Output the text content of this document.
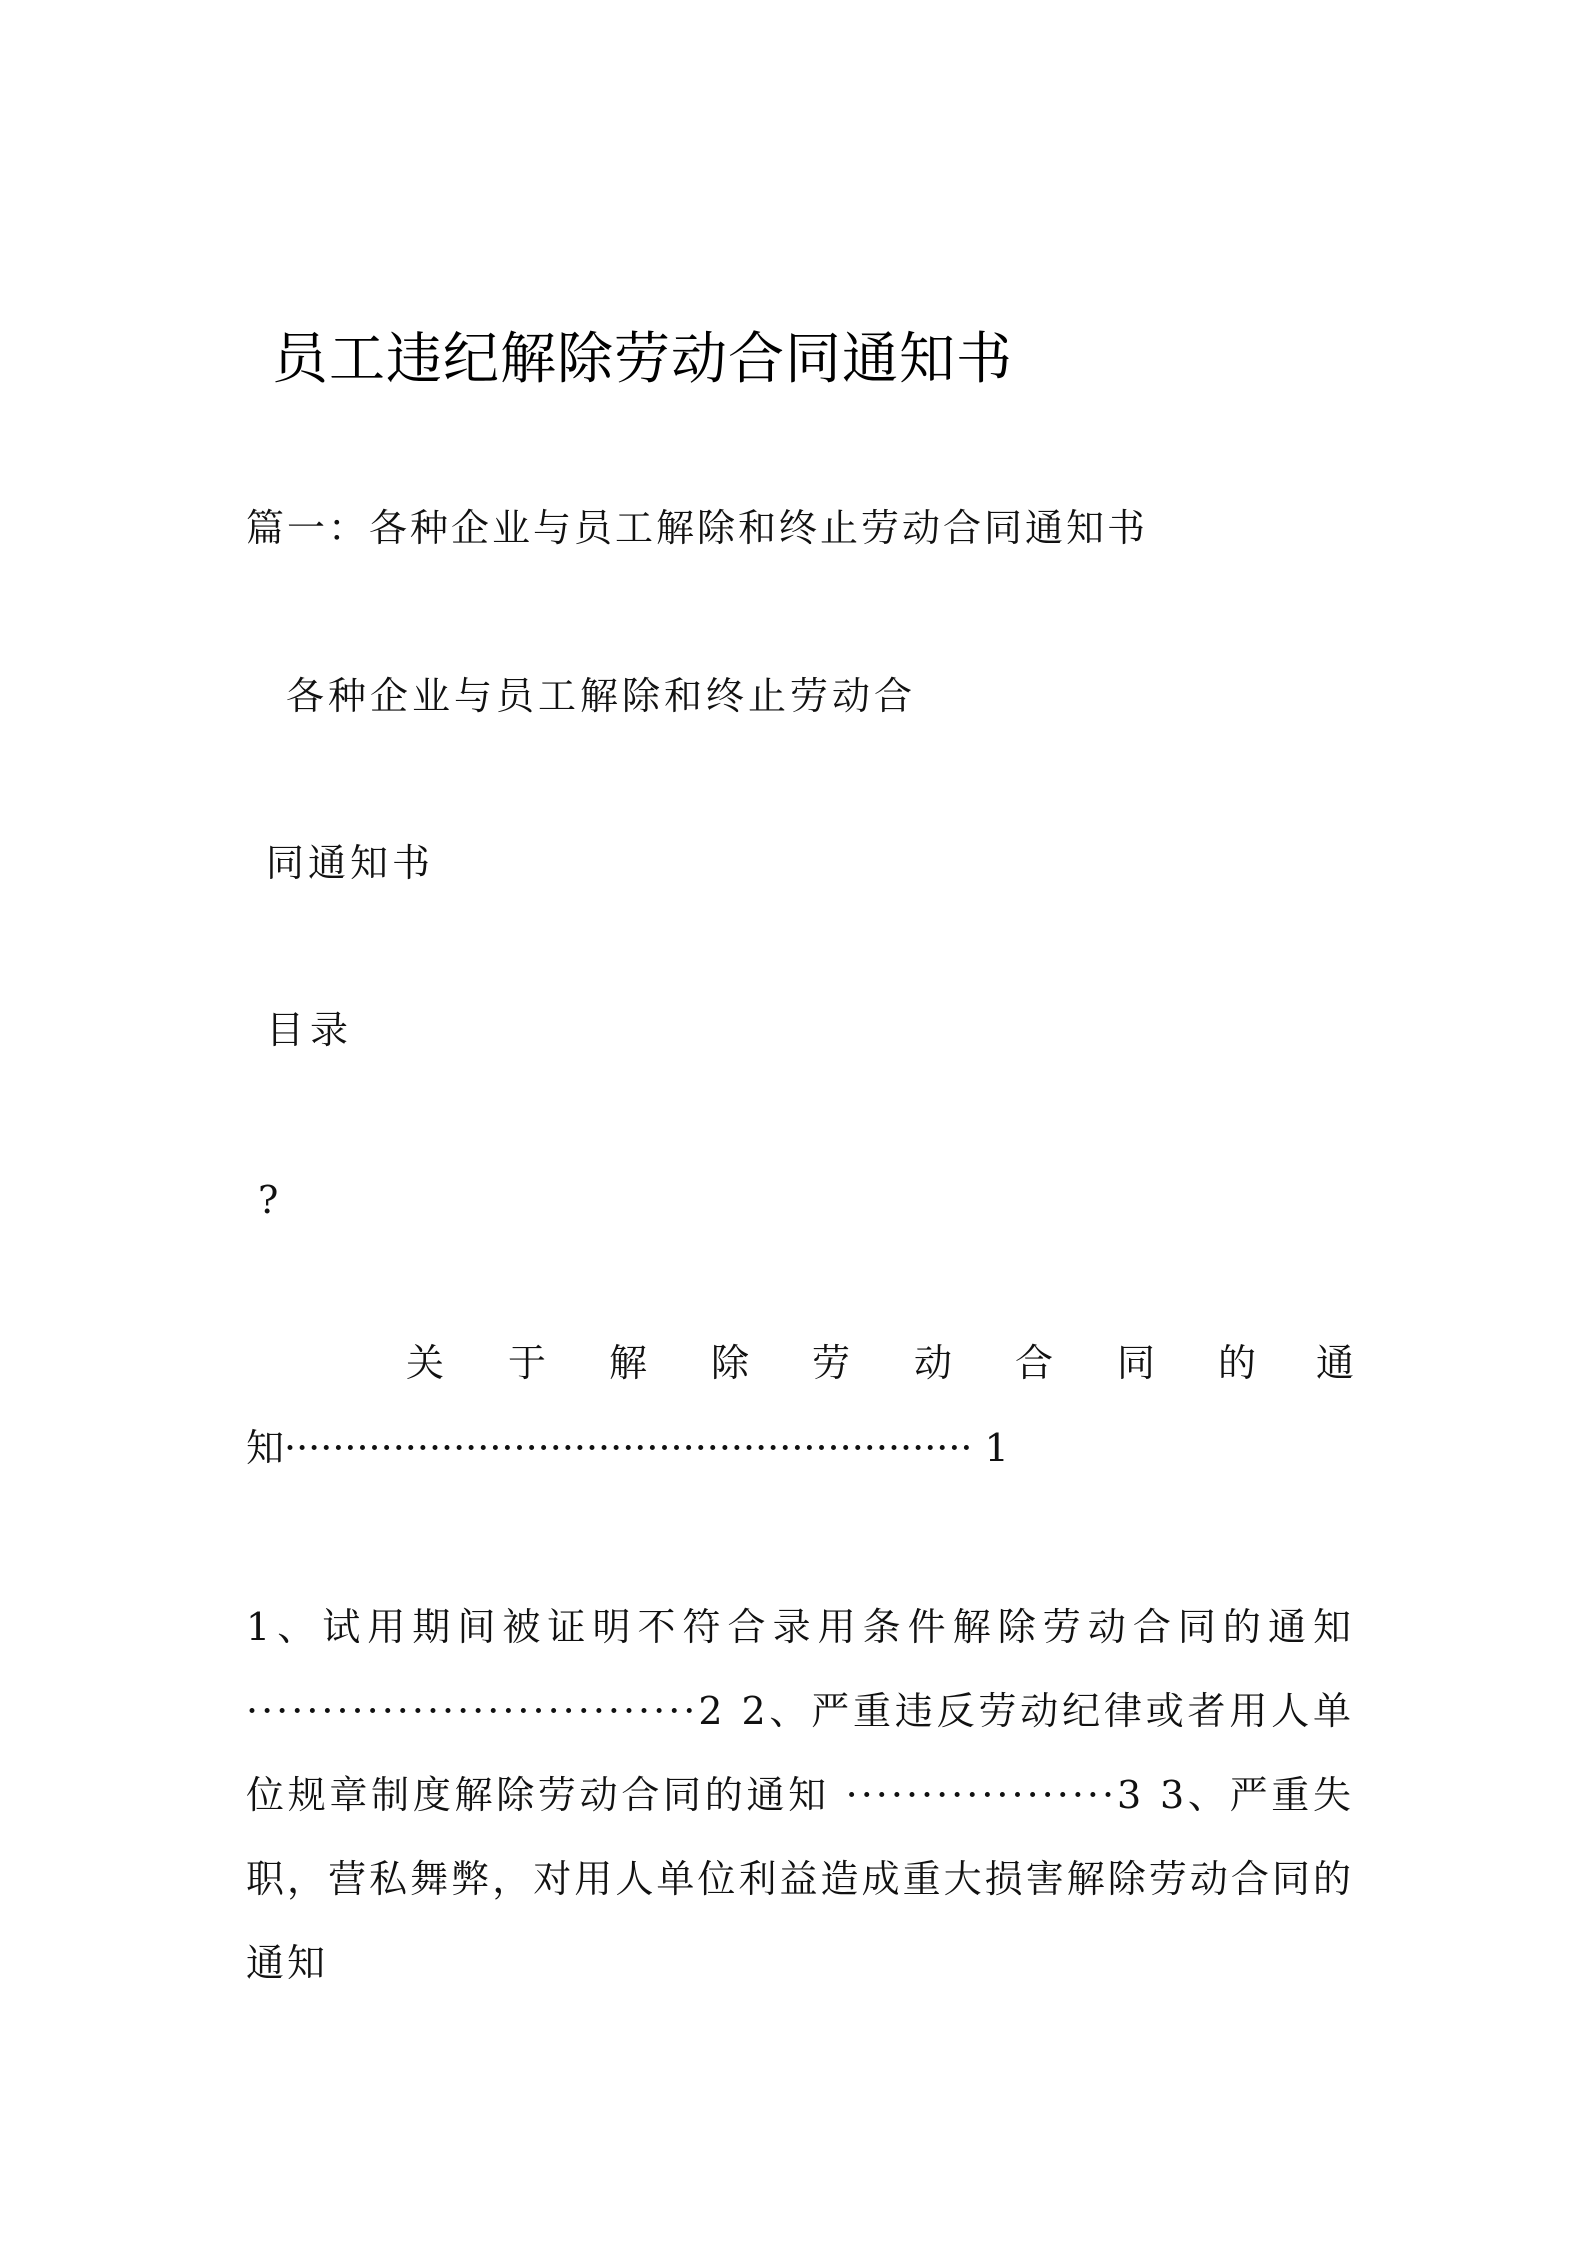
员工违纪解除劳动合同通知书
篇一：各种企业与员工解除和终止劳动合同通知书
各种企业与员工解除和终止劳动合
同通知书
目录
?
关 于 解 除 劳 动 合 同 的 通
知························································· 1
1、试用期间被证明不符合录用条件解除劳动合同的通知······························2 2、严重违反劳动纪律或者用人单位规章制度解除劳动合同的通知 ··················3 3、严重失职，营私舞弊，对用人单位利益造成重大损害解除劳动合同的通知
